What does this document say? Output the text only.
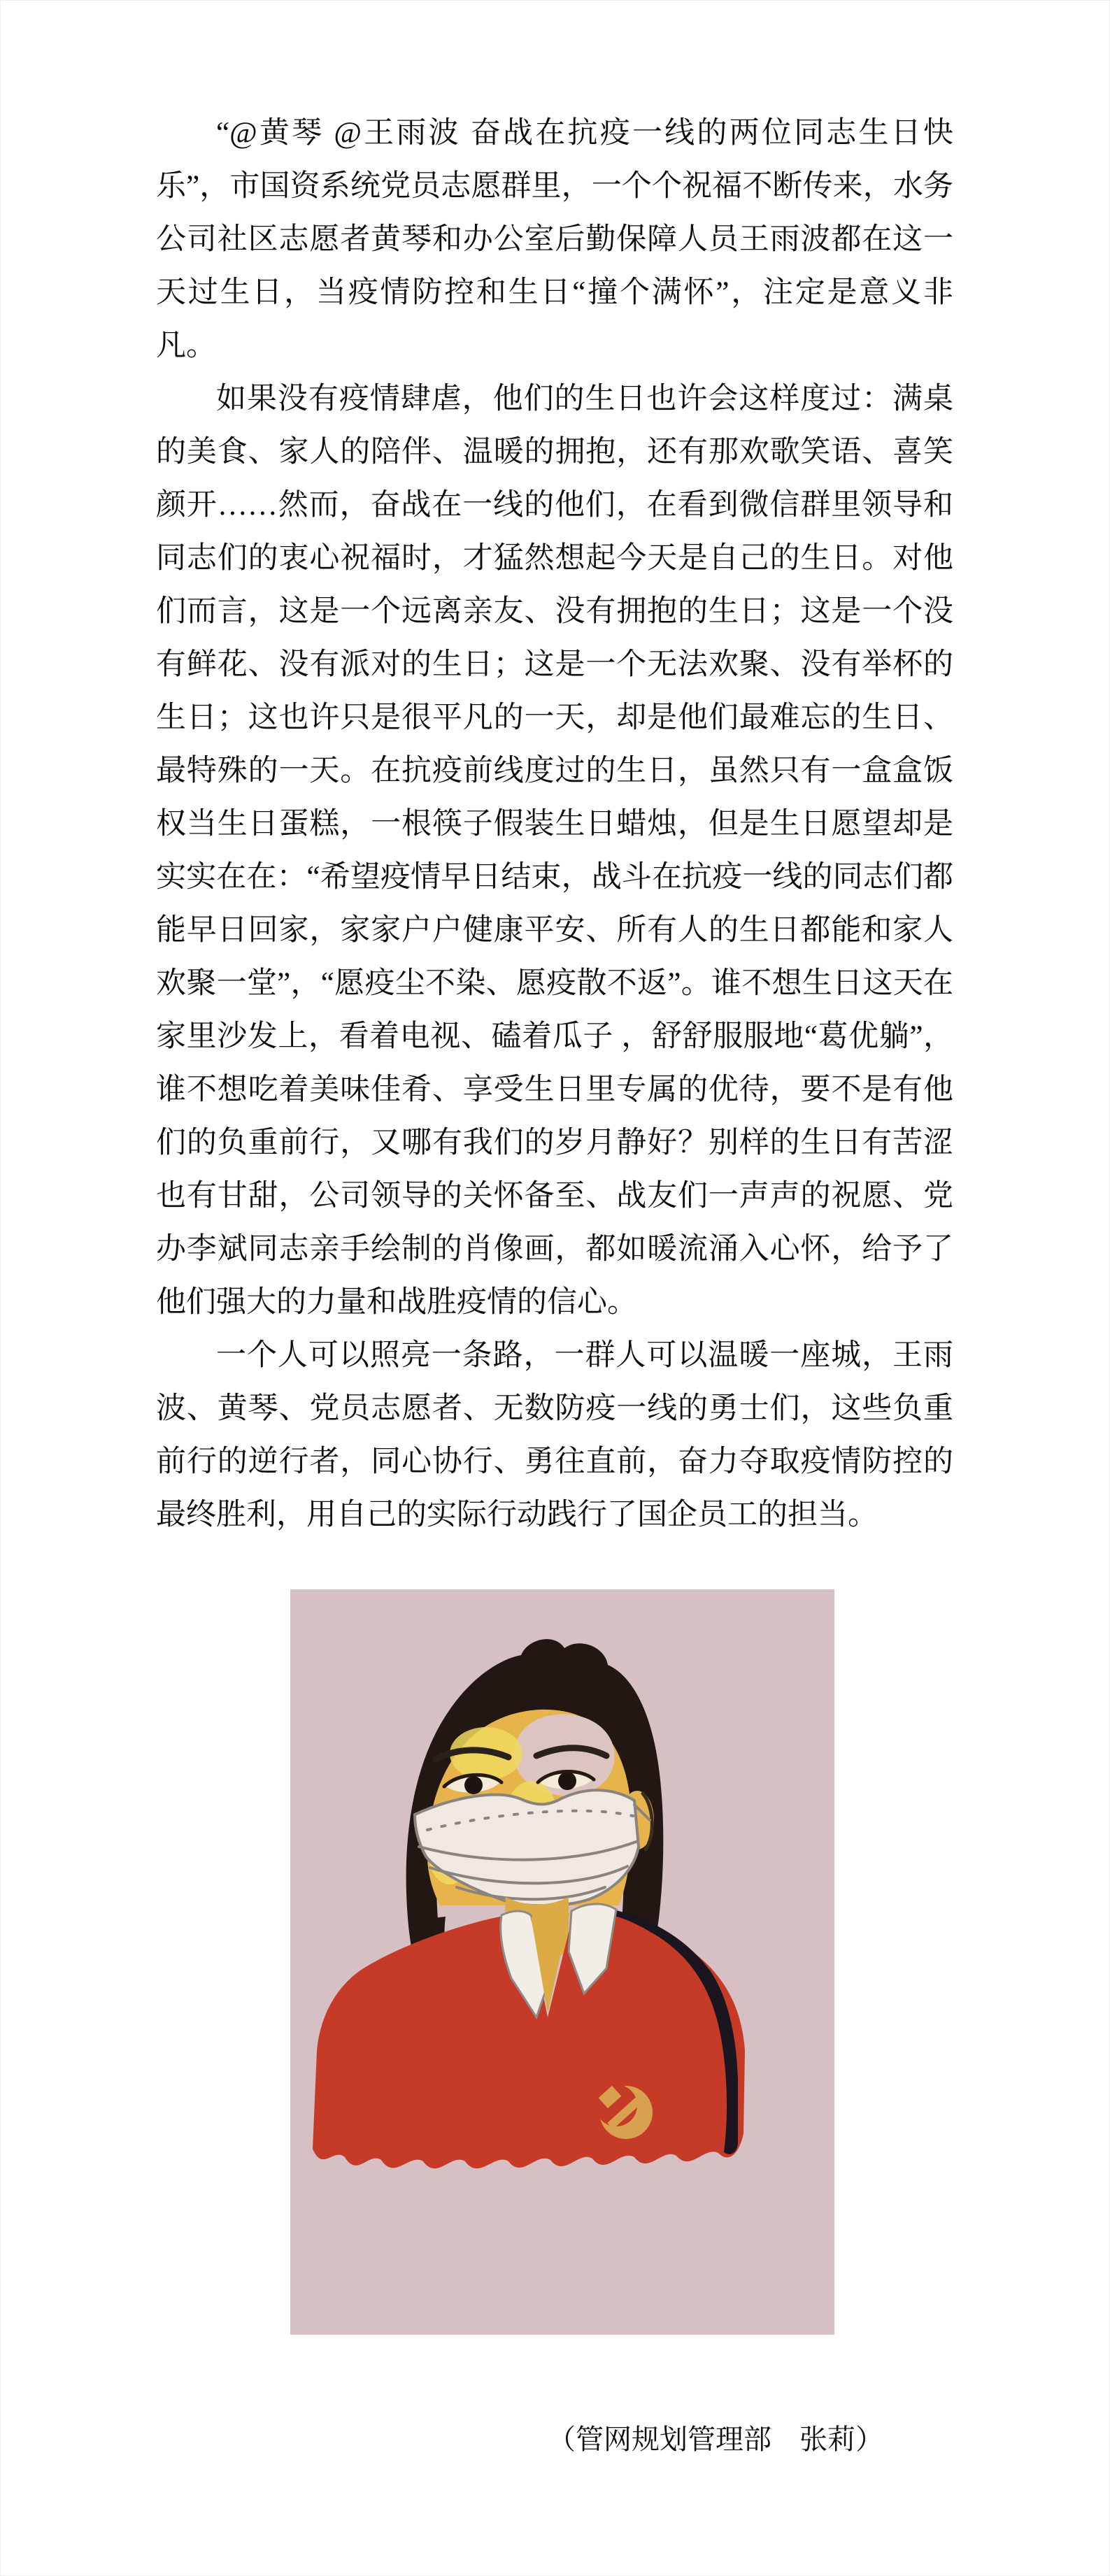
“@黄琴 @王雨波 奋战在抗疫一线的两位同志生日快乐”，市国资系统党员志愿群里，一个个祝福不断传来，水务公司社区志愿者黄琴和办公室后勤保障人员王雨波都在这一天过生日，当疫情防控和生日“撞个满怀”，注定是意义非凡。

如果没有疫情肆虐，他们的生日也许会这样度过：满桌的美食、家人的陪伴、温暖的拥抱，还有那欢歌笑语、喜笑颜开……然而，奋战在一线的他们，在看到微信群里领导和同志们的衷心祝福时，才猛然想起今天是自己的生日。对他们而言，这是一个远离亲友、没有拥抱的生日；这是一个没有鲜花、没有派对的生日；这是一个无法欢聚、没有举杯的生日；这也许只是很平凡的一天，却是他们最难忘的生日、最特殊的一天。在抗疫前线度过的生日，虽然只有一盒盒饭权当生日蛋糕，一根筷子假装生日蜡烛，但是生日愿望却是实实在在：“希望疫情早日结束，战斗在抗疫一线的同志们都能早日回家，家家户户健康平安、所有人的生日都能和家人欢聚一堂”，“愿疫尘不染、愿疫散不返”。谁不想生日这天在家里沙发上，看着电视、磕着瓜子 ，舒舒服服地“葛优躺”，谁不想吃着美味佳肴、享受生日里专属的优待，要不是有他们的负重前行，又哪有我们的岁月静好？别样的生日有苦涩也有甘甜，公司领导的关怀备至、战友们一声声的祝愿、党办李斌同志亲手绘制的肖像画，都如暖流涌入心怀，给予了他们强大的力量和战胜疫情的信心。

一个人可以照亮一条路，一群人可以温暖一座城，王雨波、黄琴、党员志愿者、无数防疫一线的勇士们，这些负重前行的逆行者，同心协行、勇往直前，奋力夺取疫情防控的最终胜利，用自己的实际行动践行了国企员工的担当。

（管网规划管理部　张莉）
